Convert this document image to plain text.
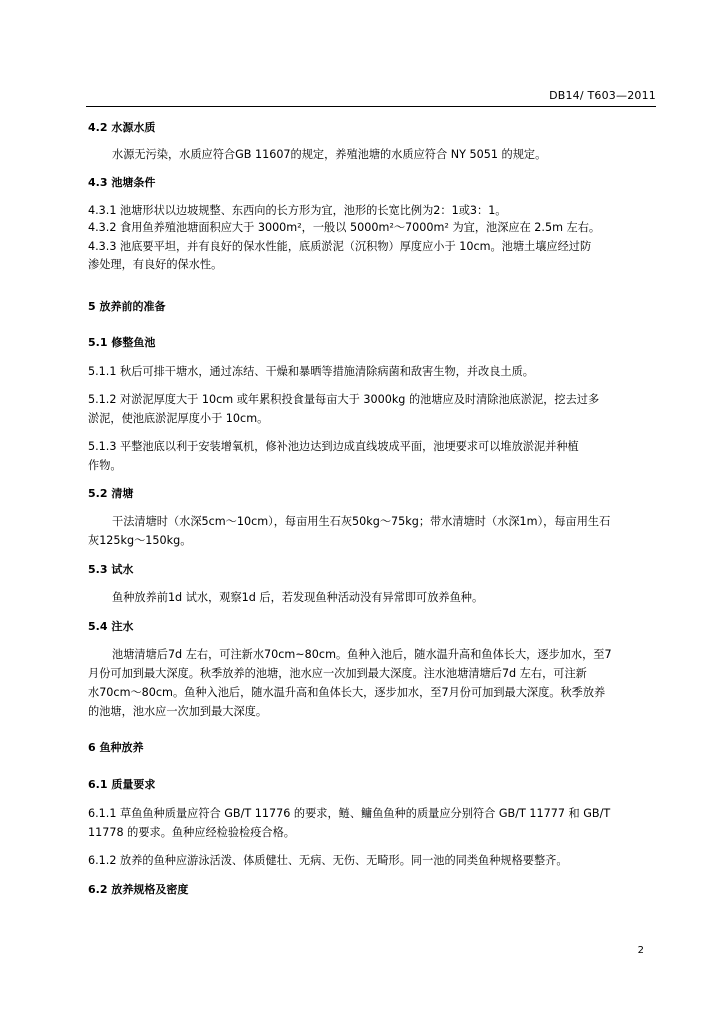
DB14/ T603—2011
4.2 水源水质
水源无污染，水质应符合GB 11607的规定，养殖池塘的水质应符合 NY 5051 的规定。
4.3 池塘条件
4.3.1 池塘形状以边坡规整、东西向的长方形为宜，池形的长宽比例为2：1或3：1。
4.3.2 食用鱼养殖池塘面积应大于 3000m²，一般以 5000m²～7000m² 为宜，池深应在 2.5m 左右。
4.3.3 池底要平坦，并有良好的保水性能，底质淤泥（沉积物）厚度应小于 10cm。池塘土壤应经过防
渗处理，有良好的保水性。
5 放养前的准备
5.1 修整鱼池
5.1.1 秋后可排干塘水，通过冻结、干燥和暴晒等措施清除病菌和敌害生物，并改良土质。
5.1.2 对淤泥厚度大于 10cm 或年累积投食量每亩大于 3000kg 的池塘应及时清除池底淤泥，挖去过多
淤泥，使池底淤泥厚度小于 10cm。
5.1.3 平整池底以利于安装增氧机，修补池边达到边成直线坡成平面，池埂要求可以堆放淤泥并种植
作物。
5.2 清塘
干法清塘时（水深5cm～10cm），每亩用生石灰50kg～75kg；带水清塘时（水深1m），每亩用生石
灰125kg～150kg。
5.3 试水
鱼种放养前1d 试水，观察1d 后，若发现鱼种活动没有异常即可放养鱼种。
5.4 注水
池塘清塘后7d 左右，可注新水70cm~80cm。鱼种入池后，随水温升高和鱼体长大，逐步加水，至7
月份可加到最大深度。秋季放养的池塘，池水应一次加到最大深度。注水池塘清塘后7d 左右，可注新
水70cm～80cm。鱼种入池后，随水温升高和鱼体长大，逐步加水，至7月份可加到最大深度。秋季放养
的池塘，池水应一次加到最大深度。
6 鱼种放养
6.1 质量要求
6.1.1 草鱼鱼种质量应符合 GB/T 11776 的要求，鲢、鳙鱼鱼种的质量应分别符合 GB/T 11777 和 GB/T
11778 的要求。鱼种应经检验检疫合格。
6.1.2 放养的鱼种应游泳活泼、体质健壮、无病、无伤、无畸形。同一池的同类鱼种规格要整齐。
6.2 放养规格及密度
2
